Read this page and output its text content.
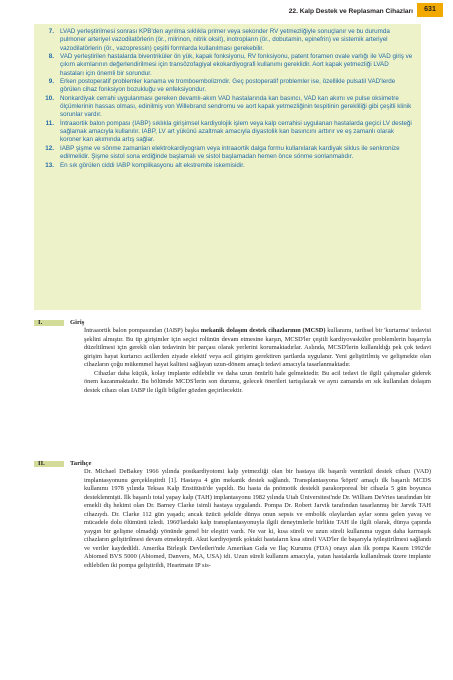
22. Kalp Destek ve Replasman Cihazları	631
7. LVAD yerleştirilmesi sonrası KPB'den ayrılma sıklıkla primer veya sekonder RV yetmezliğiyle sonuçlanır ve bu durumda pulmoner arteriyel vazodilatörlerin (ör., milrinon, nitrik oksit), inotropların (ör., dobutamin, epinefrin) ve sistemik arteriyel vazodilatörlerin (ör., vazopressin) çeşitli formlarda kullanılması gerekebilir.
8. VAD yerleştirilen hastalarda biventriküler ön yük, kapak fonksiyonu, RV fonksiyonu, patent foramen ovale varlığı ile VAD giriş ve çıkım akımlarının değerlendirilmesi için transözofagiyal ekokardiyografi kullanımı gereklidir. Aort kapak yetmezliği LVAD hastaları için önemli bir sorundur.
9. Erken postoperatif problemler kanama ve tromboembolizmdir. Geç postoperatif problemler ise, özellikle pulsatil VAD'lerde görülen cihaz fonksiyon bozukluğu ve enfeksiyondur.
10. Nonkardiyak cerrahi uygulanması gereken devamlı-akım VAD hastalarında kan basıncı, VAD kan akımı ve pulse oksimetre ölçümlerinin hassas olması, edinilmiş von Willebrand sendromu ve aort kapak yetmezliğinin tespitinin gerekliliği gibi çeşitli klinik sorunlar vardır.
11. İntraaortik balon pompası (IABP) sıklıkla girişimsel kardiyolojik işlem veya kalp cerrahisi uygulanan hastalarda geçici LV desteği sağlamak amacıyla kullanılır. IABP, LV art yükünü azaltmak amacıyla diyastolik kan basıncını arttırır ve eş zamanlı olarak koroner kan akımında artış sağlar.
12. IABP şişme ve sönme zamanları elektrokardiyogram veya intraaortik dalga formu kullanılarak kardiyak siklus ile senkronize edilmelidir. Şişme sistol sona erdiğinde başlamalı ve sistol başlamadan hemen önce sönme sonlanmalıdır.
13. En sık görülen ciddi IABP komplikasyonu alt ekstremite iskemisidir.
I.	Giriş

İntraaortik balon pompasından (IABP) başka mekanik dolaşım destek cihazlarının (MCSD) kullanımı, tarihsel bir 'kurtarma' tedavisi şeklini almıştır. Bu tip girişimler için seçici rolünün devam etmesine karşın, MCSD'ler çeşitli kardiyovasküler problemlerin başarıyla düzeltilmesi için gerekli olan tedavinin bir parçası olarak yerlerini korumaktadırlar. Aslında, MCSD'lerin kullanıldığı pek çok tedavi girişim hayat kurtarıcı acillerden ziyade elektif veya acil girişim gerektiren şartlarda uygulanır. Yeni geliştirilmiş ve gelişmekte olan cihazların çoğu mükemmel hayat kalitesi sağlayan uzun-dönem amaçlı tedavi amacıyla tasarlanmaktadır.

Cihazlar daha küçük, kolay implante edilebilir ve daha uzun ömürlü hale gelmektedir. Bu acil tedavi ile ilgili çalışmalar giderek önem kazanmaktadır. Bu bölümde MCDS'lerin son durumu, gelecek önerileri tartışılacak ve aynı zamanda en sık kullanılan dolaşım destek cihazı olan IABP ile ilgili bilgiler gözden geçirilecektir.

II.	Tarihçe

Dr. Michael DeBakey 1966 yılında postkardiyotomi kalp yetmezliği olan bir hastaya ilk başarılı ventrikül destek cihazı (VAD) implantasyonunu gerçekleştirdi [1]. Hastaya 4 gün mekanik destek sağlandı. Transplantasyona 'köprü' amaçlı ilk başarılı MCDS kullanımı 1978 yılında Teksas Kalp Enstitüsü'de yapıldı. Bu hasta da pnömotik destekli parakorporeal bir cihazla 5 gün boyunca desteklenmişti. İlk başarılı total yapay kalp (TAH) implantasyonu 1982 yılında Utah Üniversitesi'nde Dr. William DeVries tarafından bir emekli diş hekimi olan Dr. Barney Clarke isimli hastaya uygulandı. Pompa Dr. Robert Jarvik tarafından tasarlanmış bir Jarvik TAH cihazıydı. Dr. Clarke 112 gün yaşadı; ancak üzücü şekilde dünya onun sepsis ve embolik olaylardan aylar sonra gelen yavaş ve mücadele dolu ölümünü izledi. 1960'lardaki kalp transplantasyonuyla ilgili deneyimlerle birlikte TAH ile ilgili olarak, dünya çapında yaygın bir gelişme olmadığı yönünde genel bir eleştiri vardı. Ne var ki, kısa süreli ve uzun süreli kullanıma uygun daha karmaşık cihazların geliştirilmesi devam etmekteydi. Akut kardiyojenik şoktaki hastaların kısa süreli VAD'ler ile başarıyla iyileştirilmesi sağlandı ve veriler kaydedildi. Amerika Birleşik Devletleri'nde Amerikan Gıda ve İlaç Kurumu (FDA) onayı alan ilk pompa Kasım 1992'de Abiomed BVS 5000 (Abiomed, Danvers, MA, USA) idi. Uzun süreli kullanım amacıyla, yatan hastalarda kullanılmak üzere implante edilebilen iki pompa geliştirildi, Heartmate IP sis-
